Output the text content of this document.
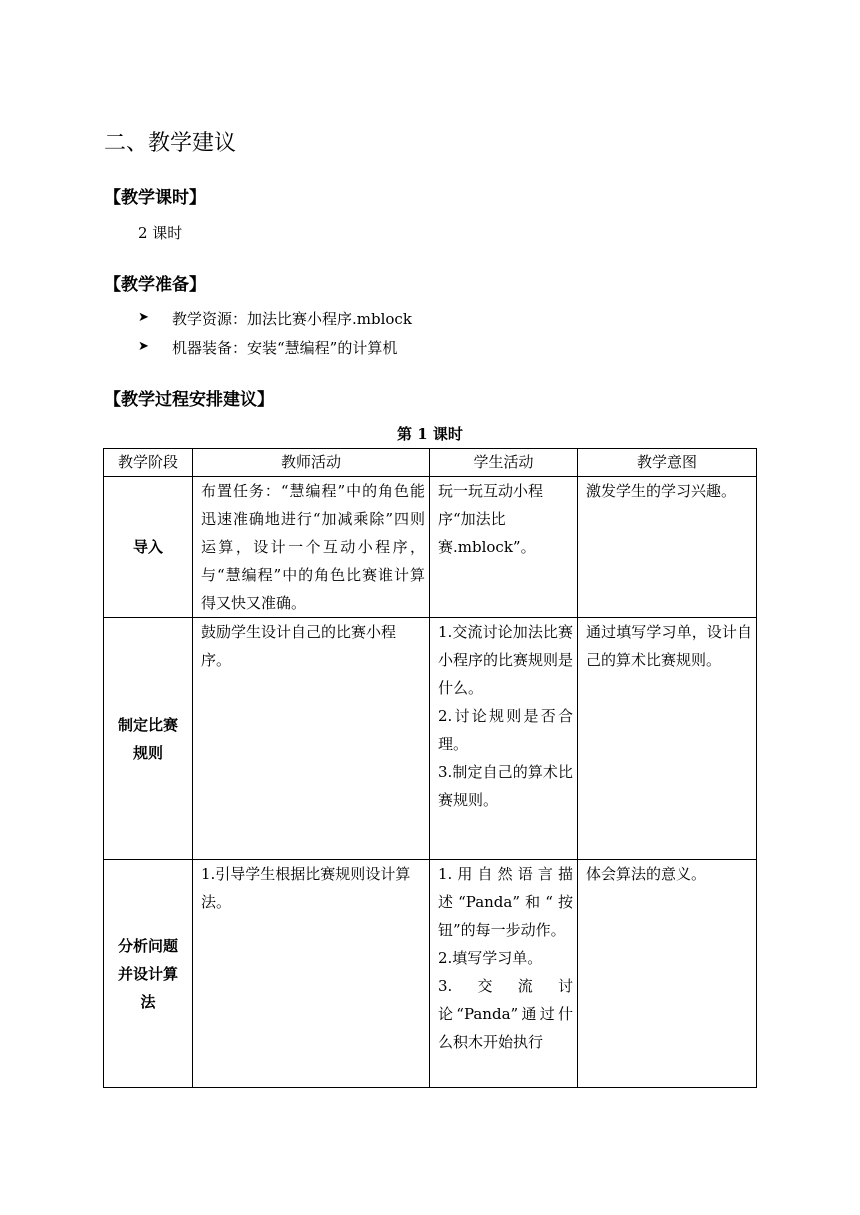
二、教学建议
【教学课时】
2 课时
【教学准备】
➤ 教学资源：加法比赛小程序.mblock
➤ 机器装备：安装“慧编程”的计算机
【教学过程安排建议】
第 1 课时
教学阶段	教师活动	学生活动	教学意图
导入	布置任务：“慧编程”中的角色能迅速准确地进行“加减乘除”四则运算，设计一个互动小程序，与“慧编程”中的角色比赛谁计算得又快又准确。	玩一玩互动小程序“加法比赛.mblock”。	激发学生的学习兴趣。

制定比赛规则	鼓励学生设计自己的比赛小程序。	1.交流讨论加法比赛小程序的比赛规则是什么。
2.讨论规则是否合理。
3.制定自己的算术比赛规则。	通过填写学习单，设计自己的算术比赛规则。

分析问题并设计算法	1.引导学生根据比赛规则设计算法。	1.用自然语言描述“Panda”和“按钮”的每一步动作。
2.填写学习单。
3.交流讨论“Panda”通过什么积木开始执行	体会算法的意义。
